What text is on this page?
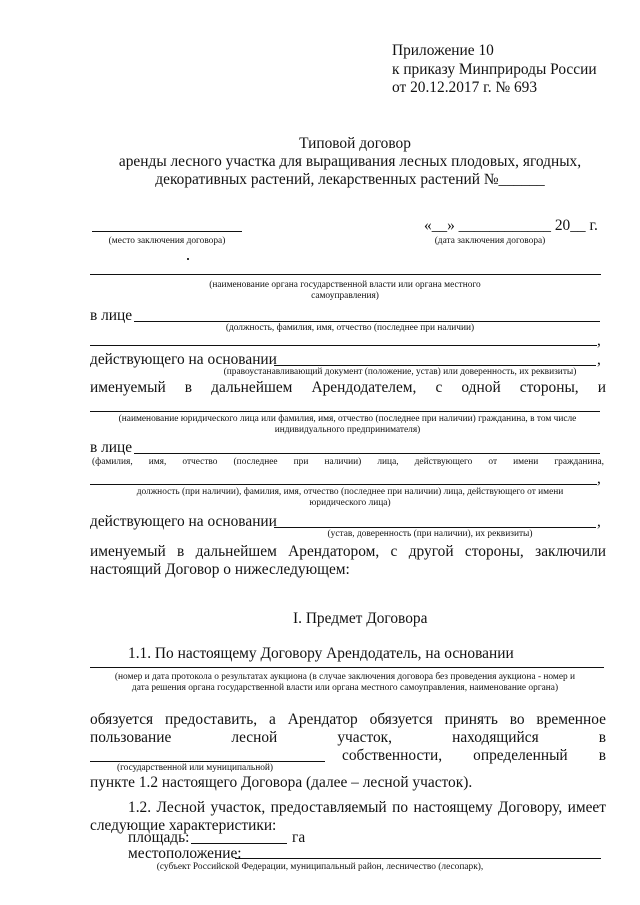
Приложение 10
к приказу Минприроды России
от 20.12.2017 г. № 693
Типовой договор
аренды лесного участка для выращивания лесных плодовых, ягодных,
декоративных растений, лекарственных растений №______
(место заключения договора)
«__» ____________ 20__ г.
(дата заключения договора)
(наименование органа государственной власти или органа местного самоуправления)
в лице
(должность, фамилия, имя, отчество (последнее при наличии)
,
действующего на основании	,
(правоустанавливающий документ (положение, устав) или доверенность, их реквизиты)
именуемый в дальнейшем Арендодателем, с одной стороны, и
(наименование юридического лица или фамилия, имя, отчество (последнее при наличии) гражданина, в том числе индивидуального предпринимателя)
в лице
(фамилия, имя, отчество (последнее при наличии) лица, действующего от имени гражданина,
,
должность (при наличии), фамилия, имя, отчество (последнее при наличии) лица, действующего от имени юридического лица)
действующего на основании	,
(устав, доверенность (при наличии), их реквизиты)
именуемый в дальнейшем Арендатором, с другой стороны, заключили
настоящий Договор о нижеследующем:
I. Предмет Договора
1.1. По настоящему Договору Арендодатель, на основании
(номер и дата протокола о результатах аукциона (в случае заключения договора без проведения аукциона - номер и дата решения органа государственной власти или органа местного самоуправления, наименование органа)
обязуется предоставить, а Арендатор обязуется принять во временное
пользование лесной участок, находящийся в
собственности, определенный в
(государственной или муниципальной)
пункте 1.2 настоящего Договора (далее – лесной участок).
1.2. Лесной участок, предоставляемый по настоящему Договору, имеет
следующие характеристики:
площадь:	га
местоположение:
(субъект Российской Федерации, муниципальный район, лесничество (лесопарк),
